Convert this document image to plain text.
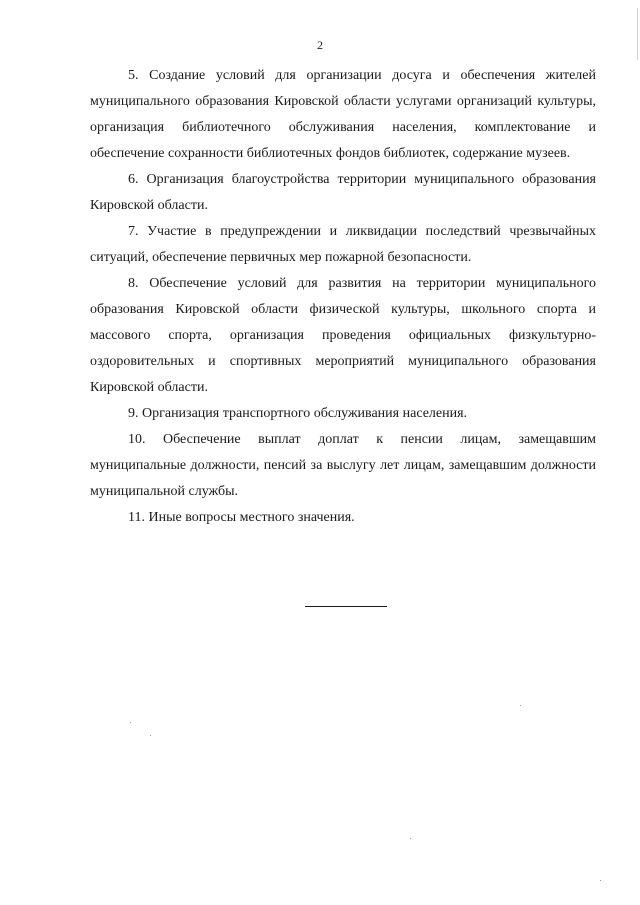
2

5. Создание условий для организации досуга и обеспечения жителей муниципального образования Кировской области услугами организаций культуры, организация библиотечного обслуживания населения, комплектование и обеспечение сохранности библиотечных фондов библиотек, содержание музеев.

6. Организация благоустройства территории муниципального образования Кировской области.

7. Участие в предупреждении и ликвидации последствий чрезвычайных ситуаций, обеспечение первичных мер пожарной безопасности.

8. Обеспечение условий для развития на территории муниципального образования Кировской области физической культуры, школьного спорта и массового спорта, организация проведения официальных физкультурно-оздоровительных и спортивных мероприятий муниципального образования Кировской области.

9. Организация транспортного обслуживания населения.

10. Обеспечение выплат доплат к пенсии лицам, замещавшим муниципальные должности, пенсий за выслугу лет лицам, замещавшим должности муниципальной службы.

11. Иные вопросы местного значения.
